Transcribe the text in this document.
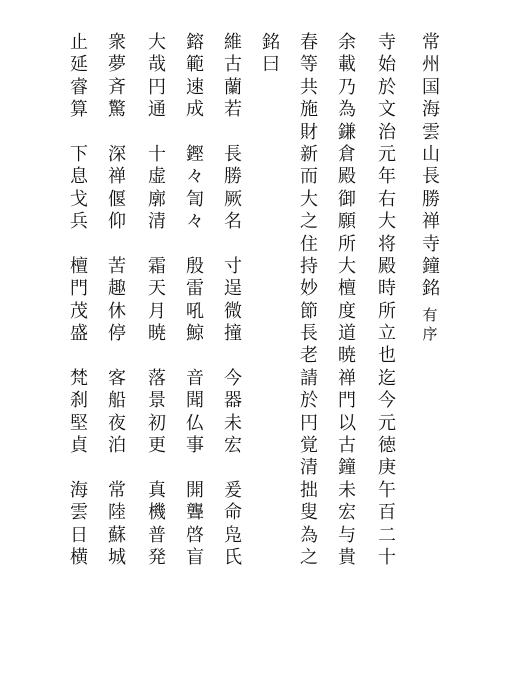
常
州
国
海
雲
山
長
勝
禅
寺
鐘
銘
有
序
寺
始
於
文
治
元
年
右
大
将
殿
時
所
立
也
迄
今
元
徳
庚
午
百
二
十
余
載
乃
為
鎌
倉
殿
御
願
所
大
檀
度
道
暁
禅
門
以
古
鐘
未
宏
与
貴
春
等
共
施
財
新
而
大
之
住
持
妙
節
長
老
請
於
円
覚
清
拙
叟
為
之
銘
曰
維
古
蘭
若

長
勝
厥
名

寸
逞
微
撞

今
器
未
宏

爰
命
凫
氏
鎔
範
速
成

鏗
々
訇
々

殷
雷
吼
鯨

音
聞
仏
事

開
聾
啓
盲
大
哉
円
通

十
虚
廓
清

霜
天
月
暁

落
景
初
更

真
機
普
発
衆
夢
斉
驚

深
禅
偃
仰

苦
趣
休
停

客
船
夜
泊

常
陸
蘇
城
止
延
睿
算

下
息
戈
兵

檀
門
茂
盛

梵
刹
堅
貞

海
雲
日
横
